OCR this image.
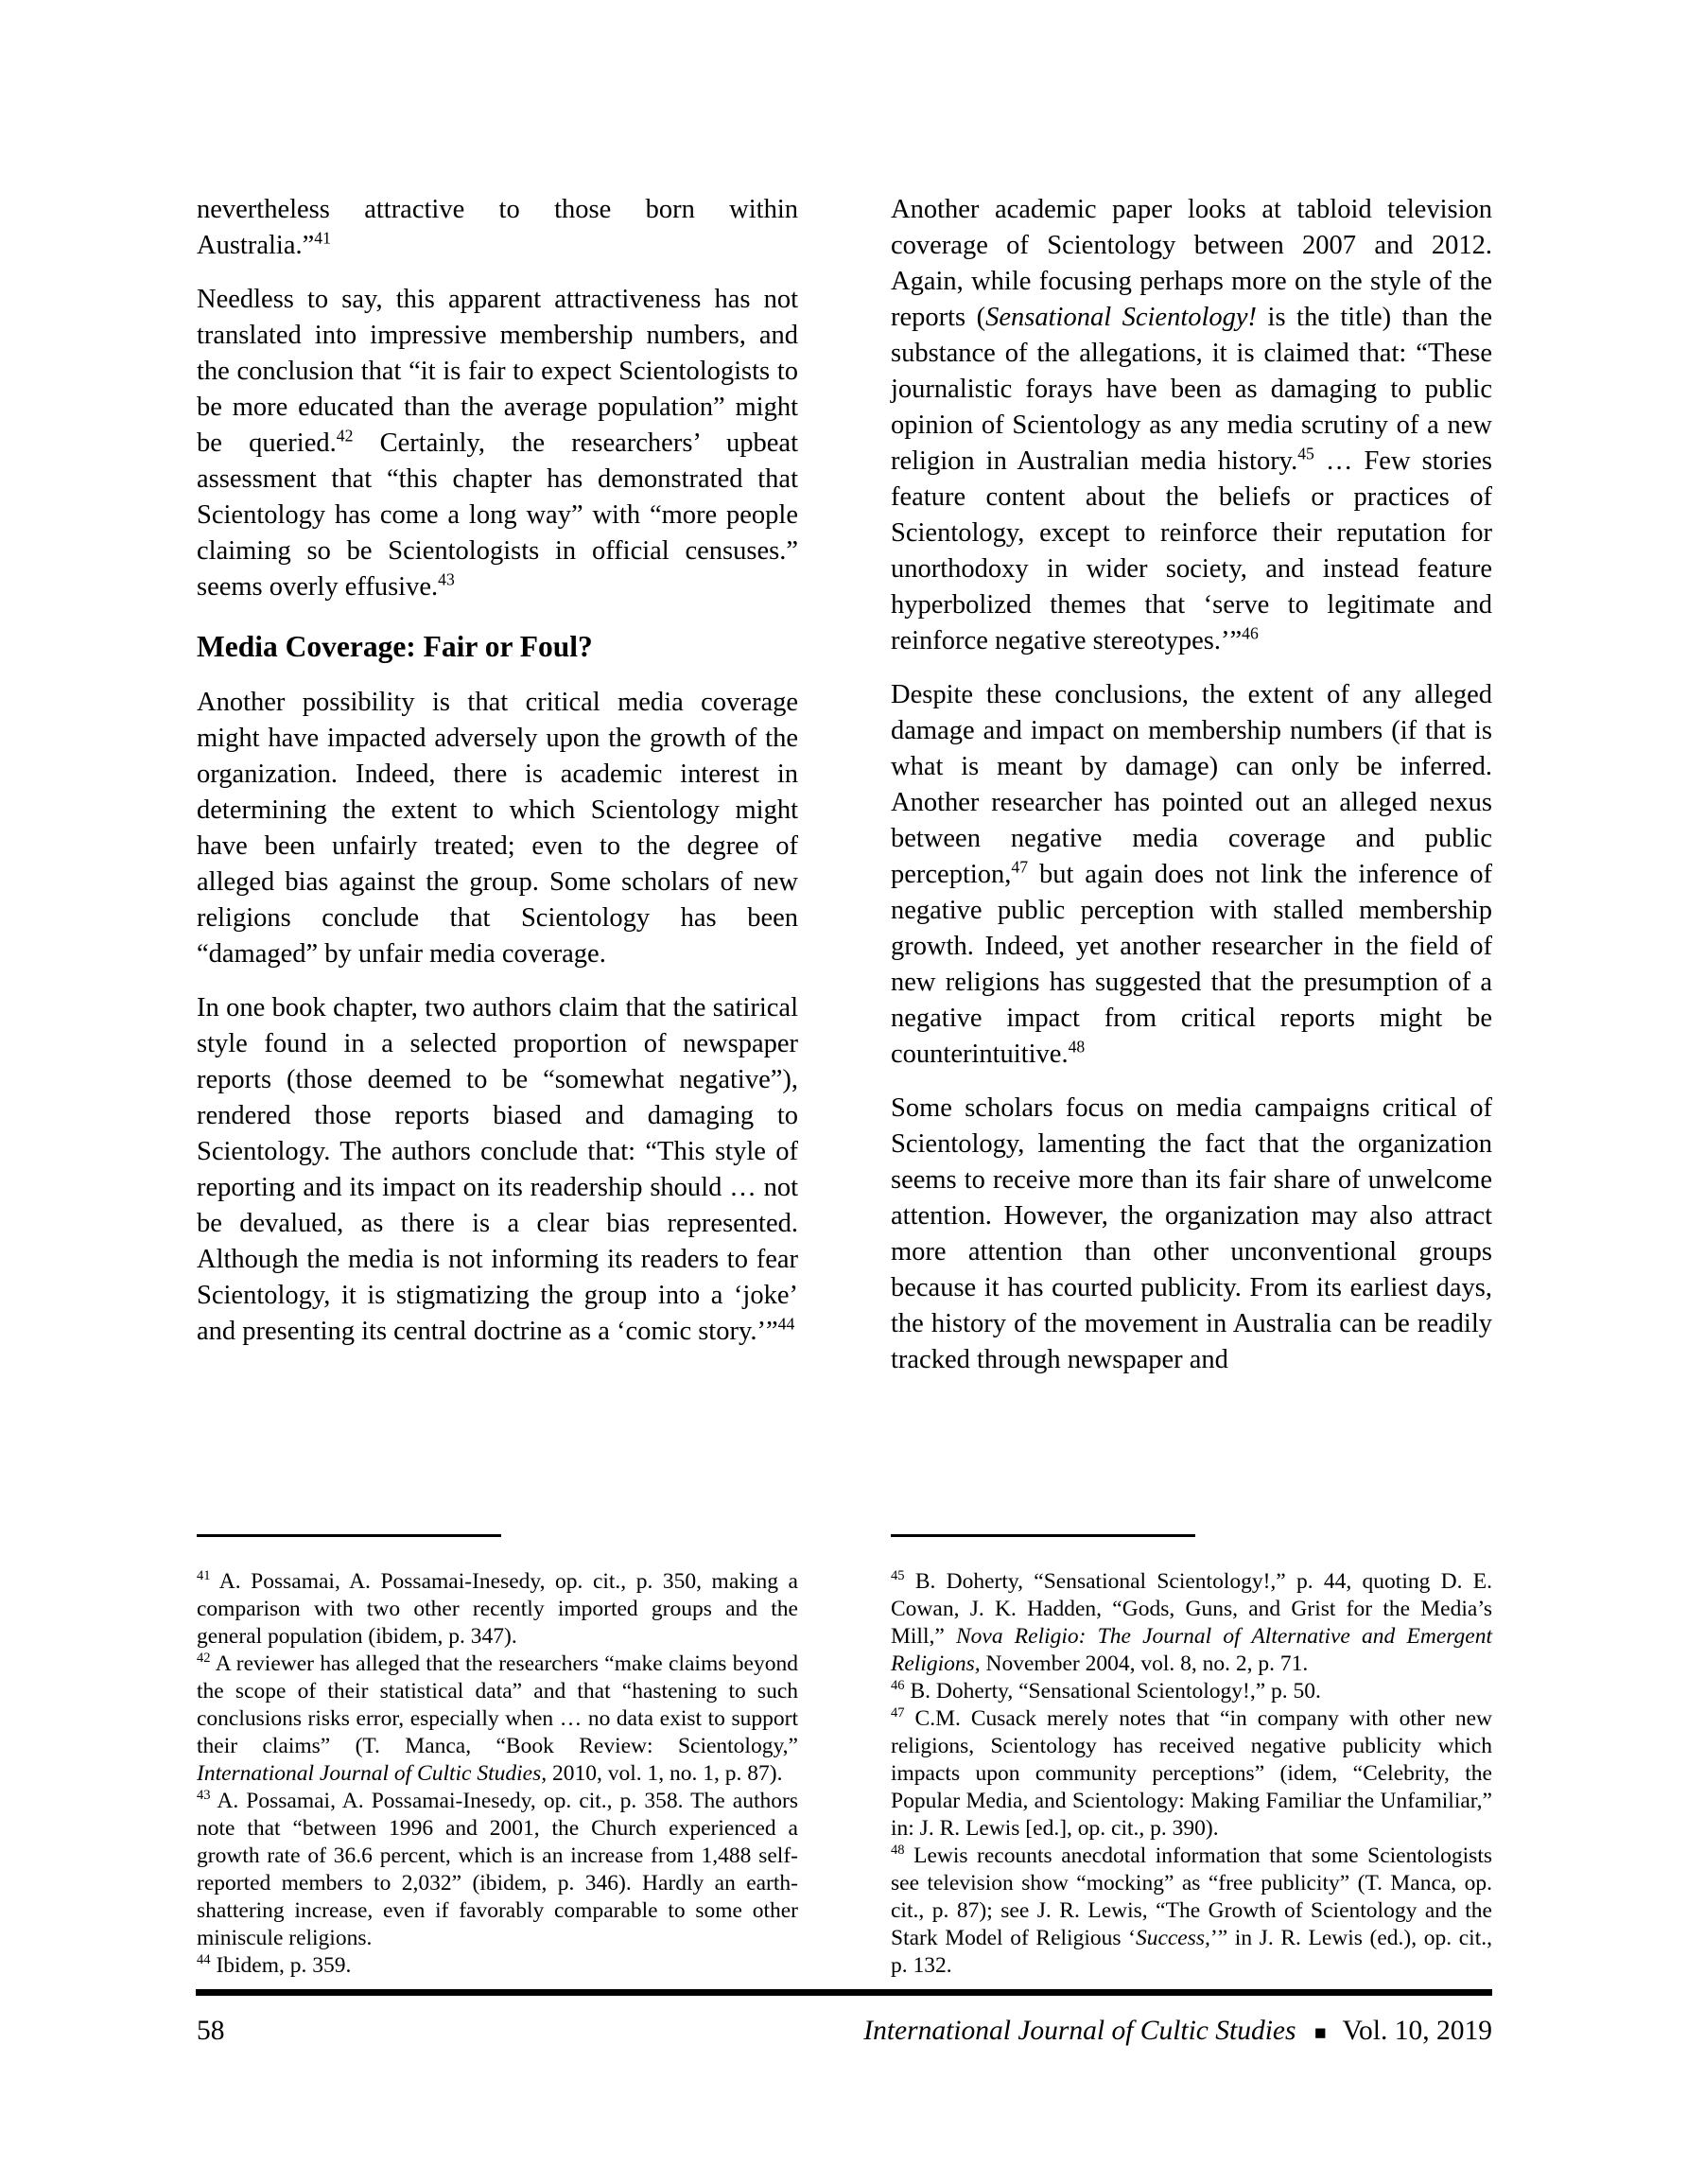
nevertheless attractive to those born within Australia.”$^{41}$

Needless to say, this apparent attractiveness has not translated into impressive membership numbers, and the conclusion that “it is fair to expect Scientologists to be more educated than the average population” might be queried.$^{42}$ Certainly, the researchers’ upbeat assessment that “this chapter has demonstrated that Scientology has come a long way” with “more people claiming so be Scientologists in official censuses.” seems overly effusive.$^{43}$

Media Coverage: Fair or Foul?

Another possibility is that critical media coverage might have impacted adversely upon the growth of the organization. Indeed, there is academic interest in determining the extent to which Scientology might have been unfairly treated; even to the degree of alleged bias against the group. Some scholars of new religions conclude that Scientology has been “damaged” by unfair media coverage.

In one book chapter, two authors claim that the satirical style found in a selected proportion of newspaper reports (those deemed to be “somewhat negative”), rendered those reports biased and damaging to Scientology. The authors conclude that: “This style of reporting and its impact on its readership should … not be devalued, as there is a clear bias represented. Although the media is not informing its readers to fear Scientology, it is stigmatizing the group into a ‘joke’ and presenting its central doctrine as a ‘comic story.’”$^{44}$

Another academic paper looks at tabloid television coverage of Scientology between 2007 and 2012. Again, while focusing perhaps more on the style of the reports (Sensational Scientology! is the title) than the substance of the allegations, it is claimed that: “These journalistic forays have been as damaging to public opinion of Scientology as any media scrutiny of a new religion in Australian media history.$^{45}$ … Few stories feature content about the beliefs or practices of Scientology, except to reinforce their reputation for unorthodoxy in wider society, and instead feature hyperbolized themes that ‘serve to legitimate and reinforce negative stereotypes.’”$^{46}$

Despite these conclusions, the extent of any alleged damage and impact on membership numbers (if that is what is meant by damage) can only be inferred. Another researcher has pointed out an alleged nexus between negative media coverage and public perception,$^{47}$ but again does not link the inference of negative public perception with stalled membership growth. Indeed, yet another researcher in the field of new religions has suggested that the presumption of a negative impact from critical reports might be counterintuitive.$^{48}$

Some scholars focus on media campaigns critical of Scientology, lamenting the fact that the organization seems to receive more than its fair share of unwelcome attention. However, the organization may also attract more attention than other unconventional groups because it has courted publicity. From its earliest days, the history of the movement in Australia can be readily tracked through newspaper and

$^{41}$ A. Possamai, A. Possamai-Inesedy, op. cit., p. 350, making a comparison with two other recently imported groups and the general population (ibidem, p. 347).

$^{42}$ A reviewer has alleged that the researchers “make claims beyond the scope of their statistical data” and that “hastening to such conclusions risks error, especially when … no data exist to support their claims” (T. Manca, “Book Review: Scientology,” International Journal of Cultic Studies, 2010, vol. 1, no. 1, p. 87).

$^{43}$ A. Possamai, A. Possamai-Inesedy, op. cit., p. 358. The authors note that “between 1996 and 2001, the Church experienced a growth rate of 36.6 percent, which is an increase from 1,488 self-reported members to 2,032” (ibidem, p. 346). Hardly an earth-shattering increase, even if favorably comparable to some other miniscule religions.

$^{44}$ Ibidem, p. 359.

$^{45}$ B. Doherty, “Sensational Scientology!,” p. 44, quoting D. E. Cowan, J. K. Hadden, “Gods, Guns, and Grist for the Media’s Mill,” Nova Religio: The Journal of Alternative and Emergent Religions, November 2004, vol. 8, no. 2, p. 71.

$^{46}$ B. Doherty, “Sensational Scientology!,” p. 50.

$^{47}$ C.M. Cusack merely notes that “in company with other new religions, Scientology has received negative publicity which impacts upon community perceptions” (idem, “Celebrity, the Popular Media, and Scientology: Making Familiar the Unfamiliar,” in: J. R. Lewis [ed.], op. cit., p. 390).

$^{48}$ Lewis recounts anecdotal information that some Scientologists see television show “mocking” as “free publicity” (T. Manca, op. cit., p. 87); see J. R. Lewis, “The Growth of Scientology and the Stark Model of Religious ‘Success,’” in J. R. Lewis (ed.), op. cit., p. 132.

58	International Journal of Cultic Studies ■ Vol. 10, 2019
